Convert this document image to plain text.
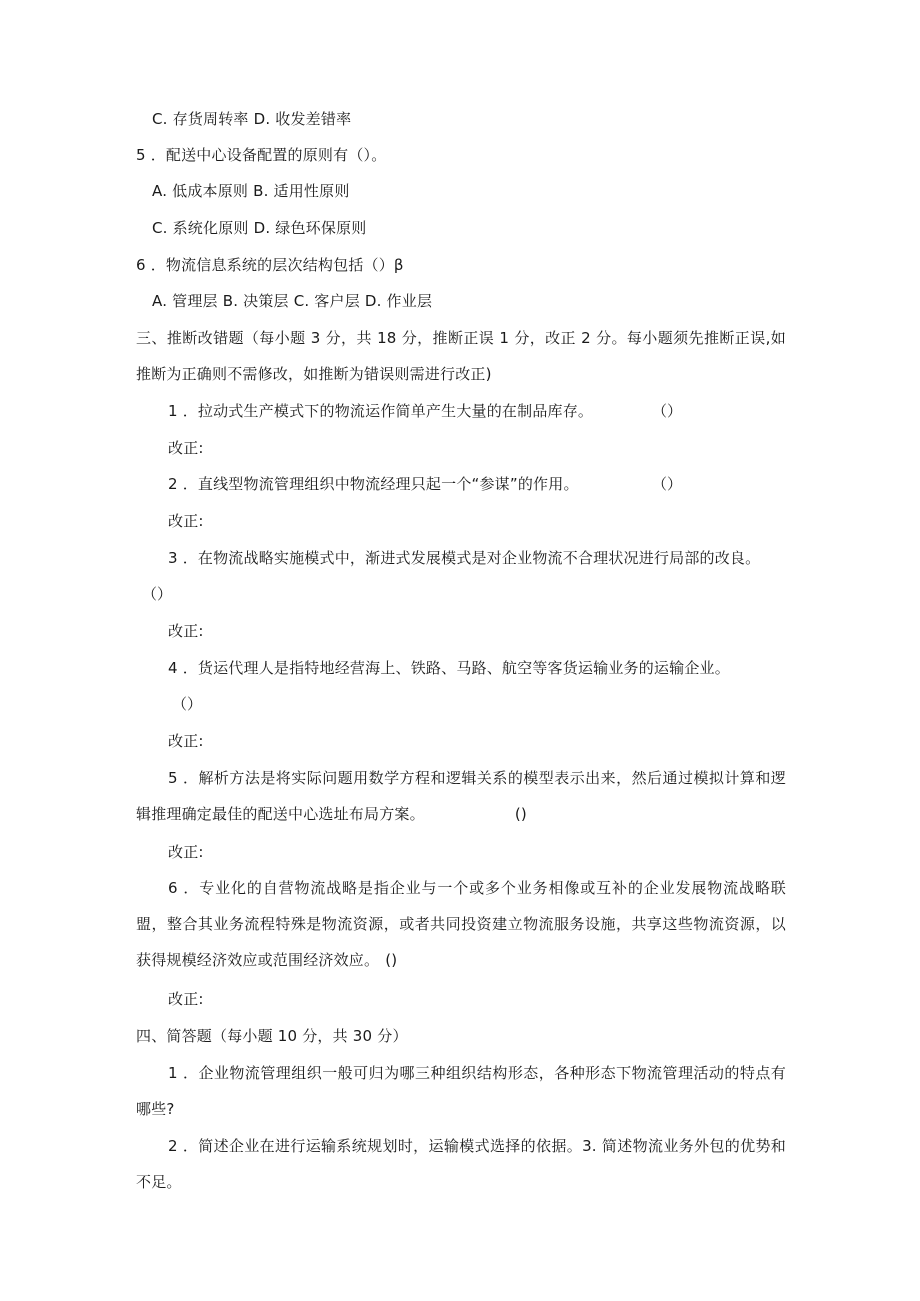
C. 存货周转率 D. 收发差错率
5 ．配送中心设备配置的原则有（）。
A. 低成本原则 B. 适用性原则
C. 系统化原则 D. 绿色环保原则
6 ．物流信息系统的层次结构包括（）β
A. 管理层 B. 决策层 C. 客户层 D. 作业层
三、推断改错题（每小题 3 分，共 18 分，推断正误 1 分，改正 2 分。每小题须先推断正误,如推断为正确则不需修改，如推断为错误则需进行改正)
1 ．拉动式生产模式下的物流运作简单产生大量的在制品库存。	（）
改正:
2 ．直线型物流管理组织中物流经理只起一个“参谋”的作用。	（）
改正:
3 ．在物流战略实施模式中，渐进式发展模式是对企业物流不合理状况进行局部的改良。
（）
改正:
4 ．货运代理人是指特地经营海上、铁路、马路、航空等客货运输业务的运输企业。
（）
改正:
5 ．解析方法是将实际问题用数学方程和逻辑关系的模型表示出来，然后通过模拟计算和逻辑推理确定最佳的配送中心选址布局方案。	()
改正:
6 ．专业化的自营物流战略是指企业与一个或多个业务相像或互补的企业发展物流战略联盟，整合其业务流程特殊是物流资源，或者共同投资建立物流服务设施，共享这些物流资源，以获得规模经济效应或范围经济效应。 ()
改正:
四、简答题（每小题 10 分，共 30 分）
1 ．企业物流管理组织一般可归为哪三种组织结构形态，各种形态下物流管理活动的特点有哪些?
2 ．简述企业在进行运输系统规划时，运输模式选择的依据。3. 简述物流业务外包的优势和不足。
